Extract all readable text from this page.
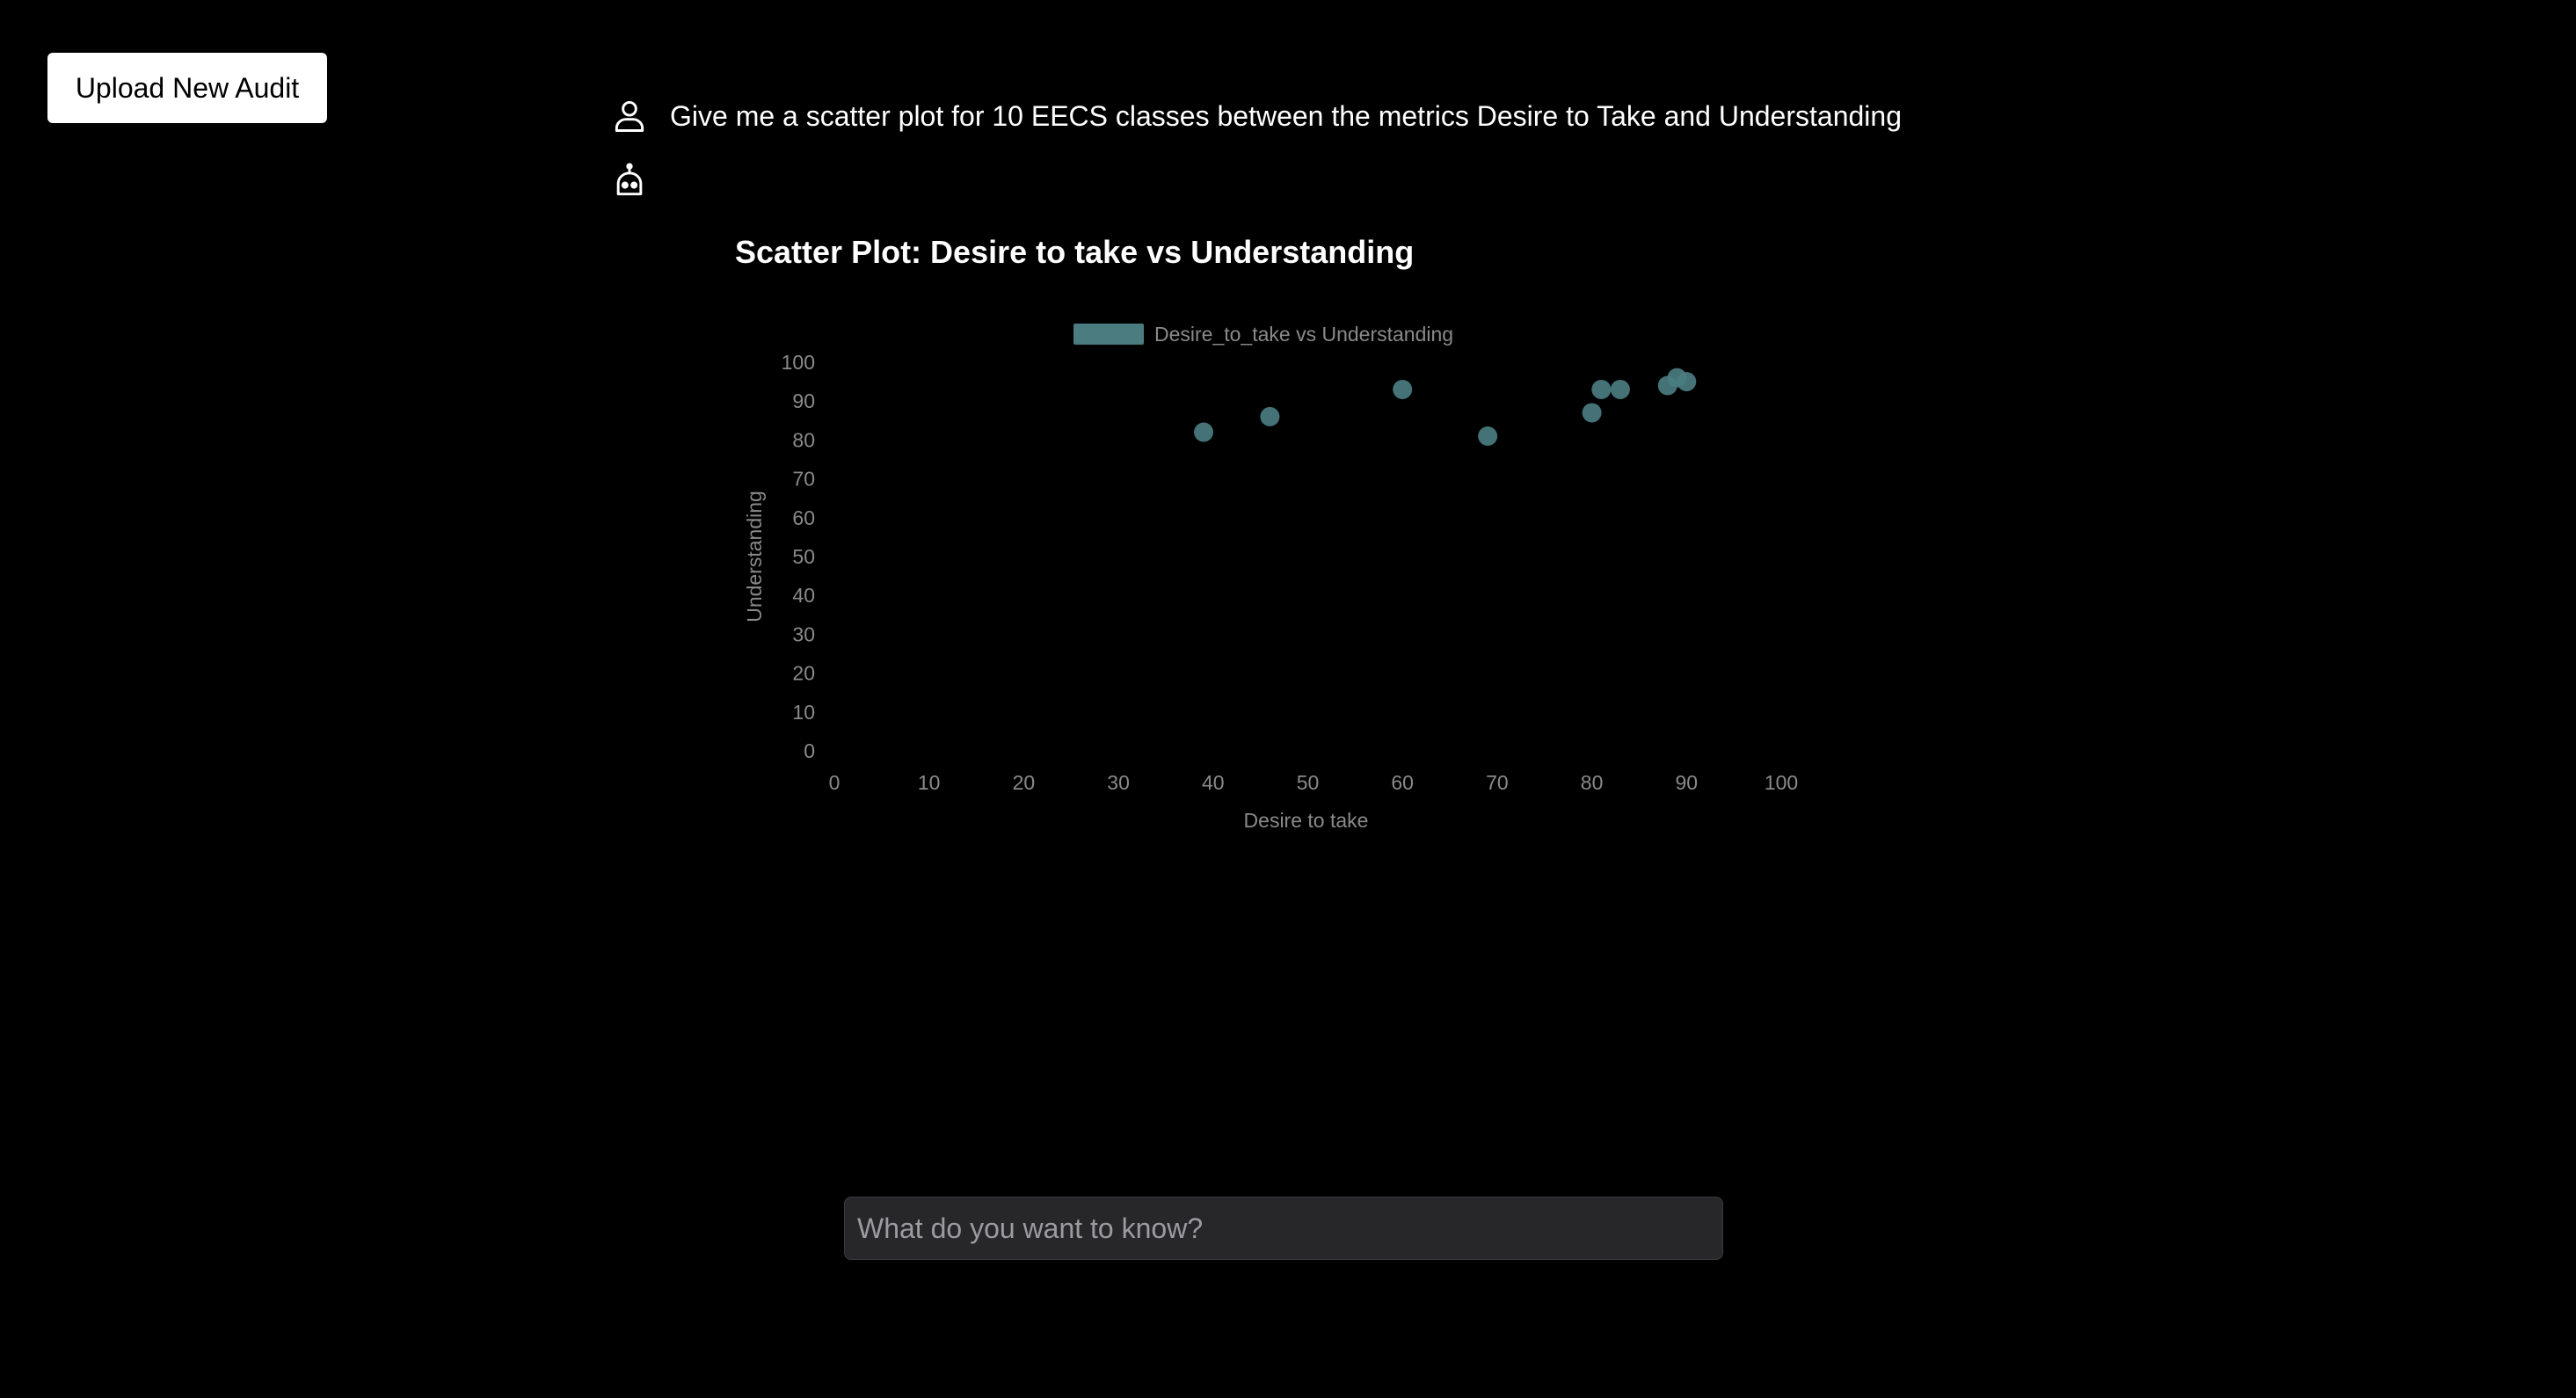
Upload New Audit
Give me a scatter plot for 10 EECS classes between the metrics Desire to Take and Understanding
Scatter Plot: Desire to take vs Understanding
0
10
20
30
40
50
60
70
80
90
100
0	10	20	30	40	50	60	70	80	90	100
Desire to take
Understanding
Desire_to_take vs Understanding
What do you want to know?
